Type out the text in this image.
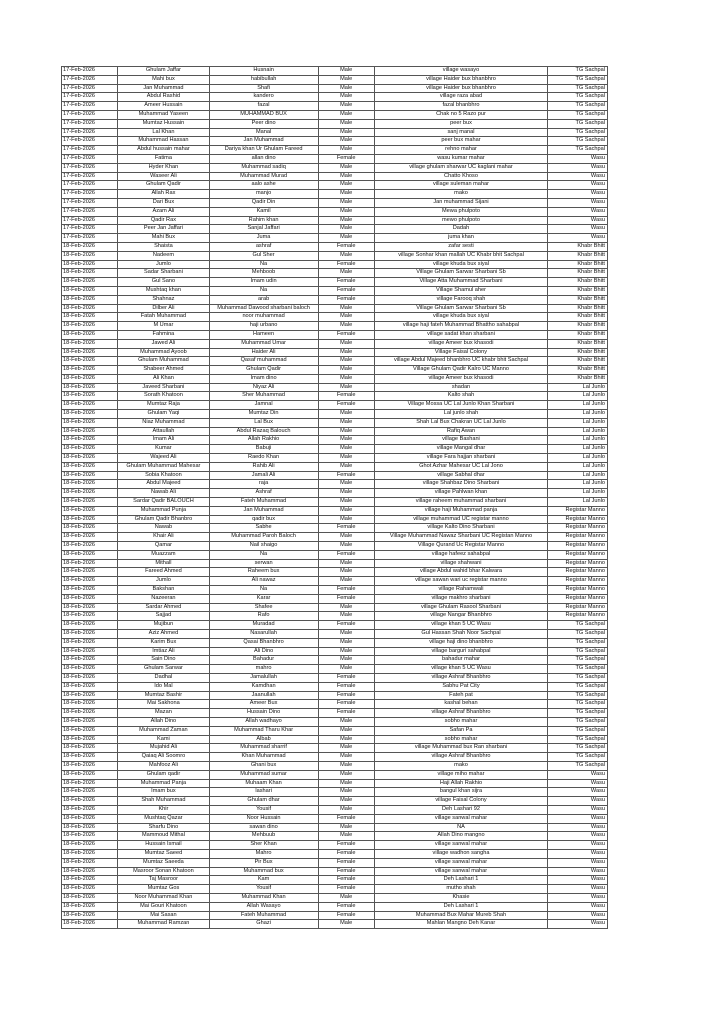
17-Feb-2026	Ghulam Jaffar	Husnain	Male	village wasayo	TG Sachpal
17-Feb-2026	Mahi bux	habibullah	Male	village Haider bux bhanbhro	TG Sachpal
17-Feb-2026	Jan Muhammad	Shafi	Male	village Haider bux bhanbhro	TG Sachpal
17-Feb-2026	Abdul Rashid	kandero	Male	village raza abad	TG Sachpal
17-Feb-2026	Ameer Hussain	fazal	Male	fazal bhanbhro	TG Sachpal
17-Feb-2026	Muhammad Yaseen	MUHAMMAD BUX	Male	Chak no 5 Razo pur	TG Sachpal
17-Feb-2026	Mumtaz Hussain	Peer dino	Male	peer bux	TG Sachpal
17-Feb-2026	Lal Khan	Manal	Male	sanj manal	TG Sachpal
17-Feb-2026	Muhammad Hassan	Jan Muhammad	Male	peer bux mahar	TG Sachpal
17-Feb-2026	Abdul hussain mahar	Dariya khan Ur Ghulam Fareed	Male	rehno mahar	TG Sachpal
17-Feb-2026	Fatima	allan dino	Female	wasu kumar mahar	Wasu
17-Feb-2026	Hyder Khan	Muhammad sadiq	Male	village ghulam sharwar UC kaglani mahar	Wasu
17-Feb-2026	Waseer Ali	Muhammad Murad	Male	Chatto Khoso	Wasu
17-Feb-2026	Ghulam Qadir	aalo ashe	Male	village suleman mahar	Wasu
17-Feb-2026	Allah Rax	manjo	Male	mako	Wasu
17-Feb-2026	Dari Bux	Qadir Din	Male	Jan muhammad Sijani	Wasu
17-Feb-2026	Azam Ali	Kamil	Male	Mewa phulpoto	Wasu
17-Feb-2026	Qadir Rax	Rahim khan	Male	mewo phulpoto	Wasu
17-Feb-2026	Peer Jan Jaffari	Sanjal Jaffari	Male	Dadah	Wasu
17-Feb-2026	Mahi Bux	Juma	Male	juma khan	Wasu
18-Feb-2026	Shaista	ashraf	Female	zafar sesti	Khabr Bhitt
18-Feb-2026	Nadeem	Gul Sher	Male	village Sonhar khan mallah UC Khabr bhit Sachpal	Khabr Bhitt
18-Feb-2026	Jumlo	Na	Female	village khuda bux siyal	Khabr Bhitt
18-Feb-2026	Sadar Sharbani	Mehboob	Male	Village Ghulam Sarwar Sharbani Sb	Khabr Bhitt
18-Feb-2026	Gul Sano	Imam udin	Female	Village Atta Muhammad Sharbani	Khabr Bhitt
18-Feb-2026	Mushtaq khan	Na	Female	Village Shamul aher	Khabr Bhitt
18-Feb-2026	Shahnaz	arab	Female	village Farooq shah	Khabr Bhitt
18-Feb-2026	Dilber Ali	Muhammad Dawood sharbani baloch	Male	Village Ghulam Sarwar Sharbani Sb	Khabr Bhitt
18-Feb-2026	Fatah Muhammad	noor muhammad	Male	village khuda bux siyal	Khabr Bhitt
18-Feb-2026	M Umar	haji urbano	Male	village haji fateh Muhammad Bhattho sahabpal	Khabr Bhitt
18-Feb-2026	Fahmina	Hameen	Female	village sadat khan sharbani	Khabr Bhitt
18-Feb-2026	Jawed Ali	Muhammad Umar	Male	village Ameer bux khasodi	Khabr Bhitt
18-Feb-2026	Muhammad Ayoob	Haider Ali	Male	Village Faisal Colony	Khabr Bhitt
18-Feb-2026	Ghulam Muhammad	Qasaf muhammad	Male	village Abdul Majeed bhanbhro UC khabr bhit Sachpal	Khabr Bhitt
18-Feb-2026	Shabeer Ahmed	Ghulam Qadir	Male	Village Ghulam Qadir Kalro UC Manno	Khabr Bhitt
18-Feb-2026	Ali Khan	Imam dino	Male	village Ameer bux khasodi	Khabr Bhitt
18-Feb-2026	Javeed Sharbani	Niyaz Ali	Male	shadan	Lal Junlo
18-Feb-2026	Sorath Khatoon	Sher Muhammad	Female	Kalto shah	Lal Junlo
18-Feb-2026	Mumtaz Raja	Jamnal	Female	Village Mossa UC Lal Junlo Khan Sharbani	Lal Junlo
18-Feb-2026	Ghulam Yaqi	Mumtaz Din	Male	Lal junlo shah	Lal Junlo
18-Feb-2026	Niaz Muhammad	Lal Bux	Male	Shah Lal Bux Chakran UC Lal Junlo	Lal Junlo
18-Feb-2026	Attaullah	Abdul Razaq Balouch	Male	Rafiq Awan	Lal Junlo
18-Feb-2026	Imam Ali	Allah Rakhio	Male	village Bashani	Lal Junlo
18-Feb-2026	Kumar	Babuji	Male	village Mangal dhar	Lal Junlo
18-Feb-2026	Wajeed Ali	Raedo Khan	Male	village Fara hajjan sharbani	Lal Junlo
18-Feb-2026	Ghulam Muhammad Mahesar	Rahib Ali	Male	Ghot Azhar Mahesar UC Lal Jono	Lal Junlo
18-Feb-2026	Sobia Khatoon	Jamali Ali	Female	village Sabhal dhar	Lal Junlo
18-Feb-2026	Abdul Majeed	raja	Male	village Shahbaz Dino Sharbani	Lal Junlo
18-Feb-2026	Nawab Ali	Ashraf	Male	village Pahlwan khan	Lal Junlo
18-Feb-2026	Sardar Qadir BALOUCH	Fateh Muhammad	Male	village raheem muhammad sharbani	Lal Junlo
18-Feb-2026	Muhammad Punja	Jan Muhammad	Male	village haji Muhammad panja	Registar Manno
18-Feb-2026	Ghulam Qadir Bhanbro	qadir bux	Male	village muhammad UC registar manno	Registar Manno
18-Feb-2026	Nawab	Sabhe	Female	village Kalto Dino Sharbani	Registar Manno
18-Feb-2026	Khair Ali	Muhammad Paroh Baloch	Male	Village Muhammad Nawaz Sharbani UC Registan Manno	Registar Manno
18-Feb-2026	Qamar	Nail shaigo	Male	Village Qurand Uc Registar Manno	Registar Manno
18-Feb-2026	Muazzam	Na	Female	village hafeez sahabpal	Registar Manno
18-Feb-2026	Mithall	serwan	Male	village shahwani	Registar Manno
18-Feb-2026	Fareed Ahmed	Raheem bux	Male	village Abdul wahid bhar Kalwara	Registar Manno
18-Feb-2026	Jumlo	Ali nawaz	Male	village sawan wari uc registar manno	Registar Manno
18-Feb-2026	Bakshan	Na	Female	village Rahamwali	Registar Manno
18-Feb-2026	Nazeeran	Karar	Female	village makhro sharbani	Registar Manno
18-Feb-2026	Sardar Ahmed	Shafee	Male	village Ghulam Rasool Sharbani	Registar Manno
18-Feb-2026	Sajjad	Rafo	Male	village Nangar Bhanbhro	Registar Manno
18-Feb-2026	Mujibun	Muradad	Female	village khan 5 UC Wasu	TG Sachpal
18-Feb-2026	Aziz Ahmed	Nasarullah	Male	Gul Hassan Shah Noor Sachpal	TG Sachpal
18-Feb-2026	Karim Bux	Qasai Bhanbhro	Male	village haji dino bhanbhro	TG Sachpal
18-Feb-2026	Imtiaz Ali	Ali Dino	Male	village barguri sahabpal	TG Sachpal
18-Feb-2026	Sain Dino	Bahadur	Male	bahadur mahar	TG Sachpal
18-Feb-2026	Ghulam Sarwar	mahro	Male	village khan 5 UC Wasu	TG Sachpal
18-Feb-2026	Dadhal	Jamalullah	Female	village Ashraf Bhanbhro	TG Sachpal
18-Feb-2026	Ido Mal	Kamdhan	Female	Sabhu Pat City	TG Sachpal
18-Feb-2026	Mumtaz Bashir	Jaanullah	Female	Fateh pat	TG Sachpal
18-Feb-2026	Mai Sakhona	Ameer Bux	Female	kashal behan	TG Sachpal
18-Feb-2026	Mazan	Hussain Dino	Female	village Ashraf Bhanbhro	TG Sachpal
18-Feb-2026	Allah Dino	Allah wadhayo	Male	sobho mahar	TG Sachpal
18-Feb-2026	Muhammad Zaman	Muhammad Tharu Khar	Male	Safan Pa	TG Sachpal
18-Feb-2026	Kami	Albab	Male	sobho mahar	TG Sachpal
18-Feb-2026	Mujahid Ali	Muhammad sharrif	Male	village Muhammad bux Ran sharbani	TG Sachpal
18-Feb-2026	Qaiaq Ali Soomro	Khan Muhammad	Male	village Ashraf Bhanbhro	TG Sachpal
18-Feb-2026	Mahfooz Ali	Ghani bux	Male	mako	TG Sachpal
18-Feb-2026	Ghulam qadir	Muhammad sumar	Male	village miho mahar	Wasu
18-Feb-2026	Muhammad Panja	Muhaam Khan	Male	Haji Allah Rakhio	Wasu
18-Feb-2026	Imam bux	lashari	Male	bangul khan sijra	Wasu
18-Feb-2026	Shah Muhammad	Ghulam dhar	Male	village Faisal Colony	Wasu
18-Feb-2026	Khir	Yousif	Male	Deh Lashari 92	Wasu
18-Feb-2026	Mushtaq Qazar	Noor Hussain	Female	village sanwal mahar	Wasu
18-Feb-2026	Sharfu Dino	sawan dino	Male	NA	Wasu
18-Feb-2026	Mammoud Mithal	Mehbuub	Male	Allah Dino mangno	Wasu
18-Feb-2026	Hussain Ismail	Sher Khan	Female	village sanwal mahar	Wasu
18-Feb-2026	Mumtaz Saeed	Mahro	Female	village wadhon sangha	Wasu
18-Feb-2026	Mumtaz Saeeda	Pir Bux	Female	village sanwal mahar	Wasu
18-Feb-2026	Masroor Sonan Khatoon	Muhammad bux	Female	village sanwal mahar	Wasu
18-Feb-2026	Taj Masroor	Kam	Female	Deh Lashari 1	Wasu
18-Feb-2026	Mumtaz Gos	Yousif	Female	mutho shah	Wasu
18-Feb-2026	Noor Muhammad Khan	Muhammad Khan	Male	Khasie	Wasu
18-Feb-2026	Mai Gouri Khatoon	Allah Wasayo	Female	Deh Lashari 1	Wasu
18-Feb-2026	Mai Sasan	Fateh Muhammad	Female	Muhammad Bux Mahar Mureb Shah	Wasu
18-Feb-2026	Muhammad Ramzan	Ghazi	Male	Mahlan Mangno Deh Kanar	Wasu
